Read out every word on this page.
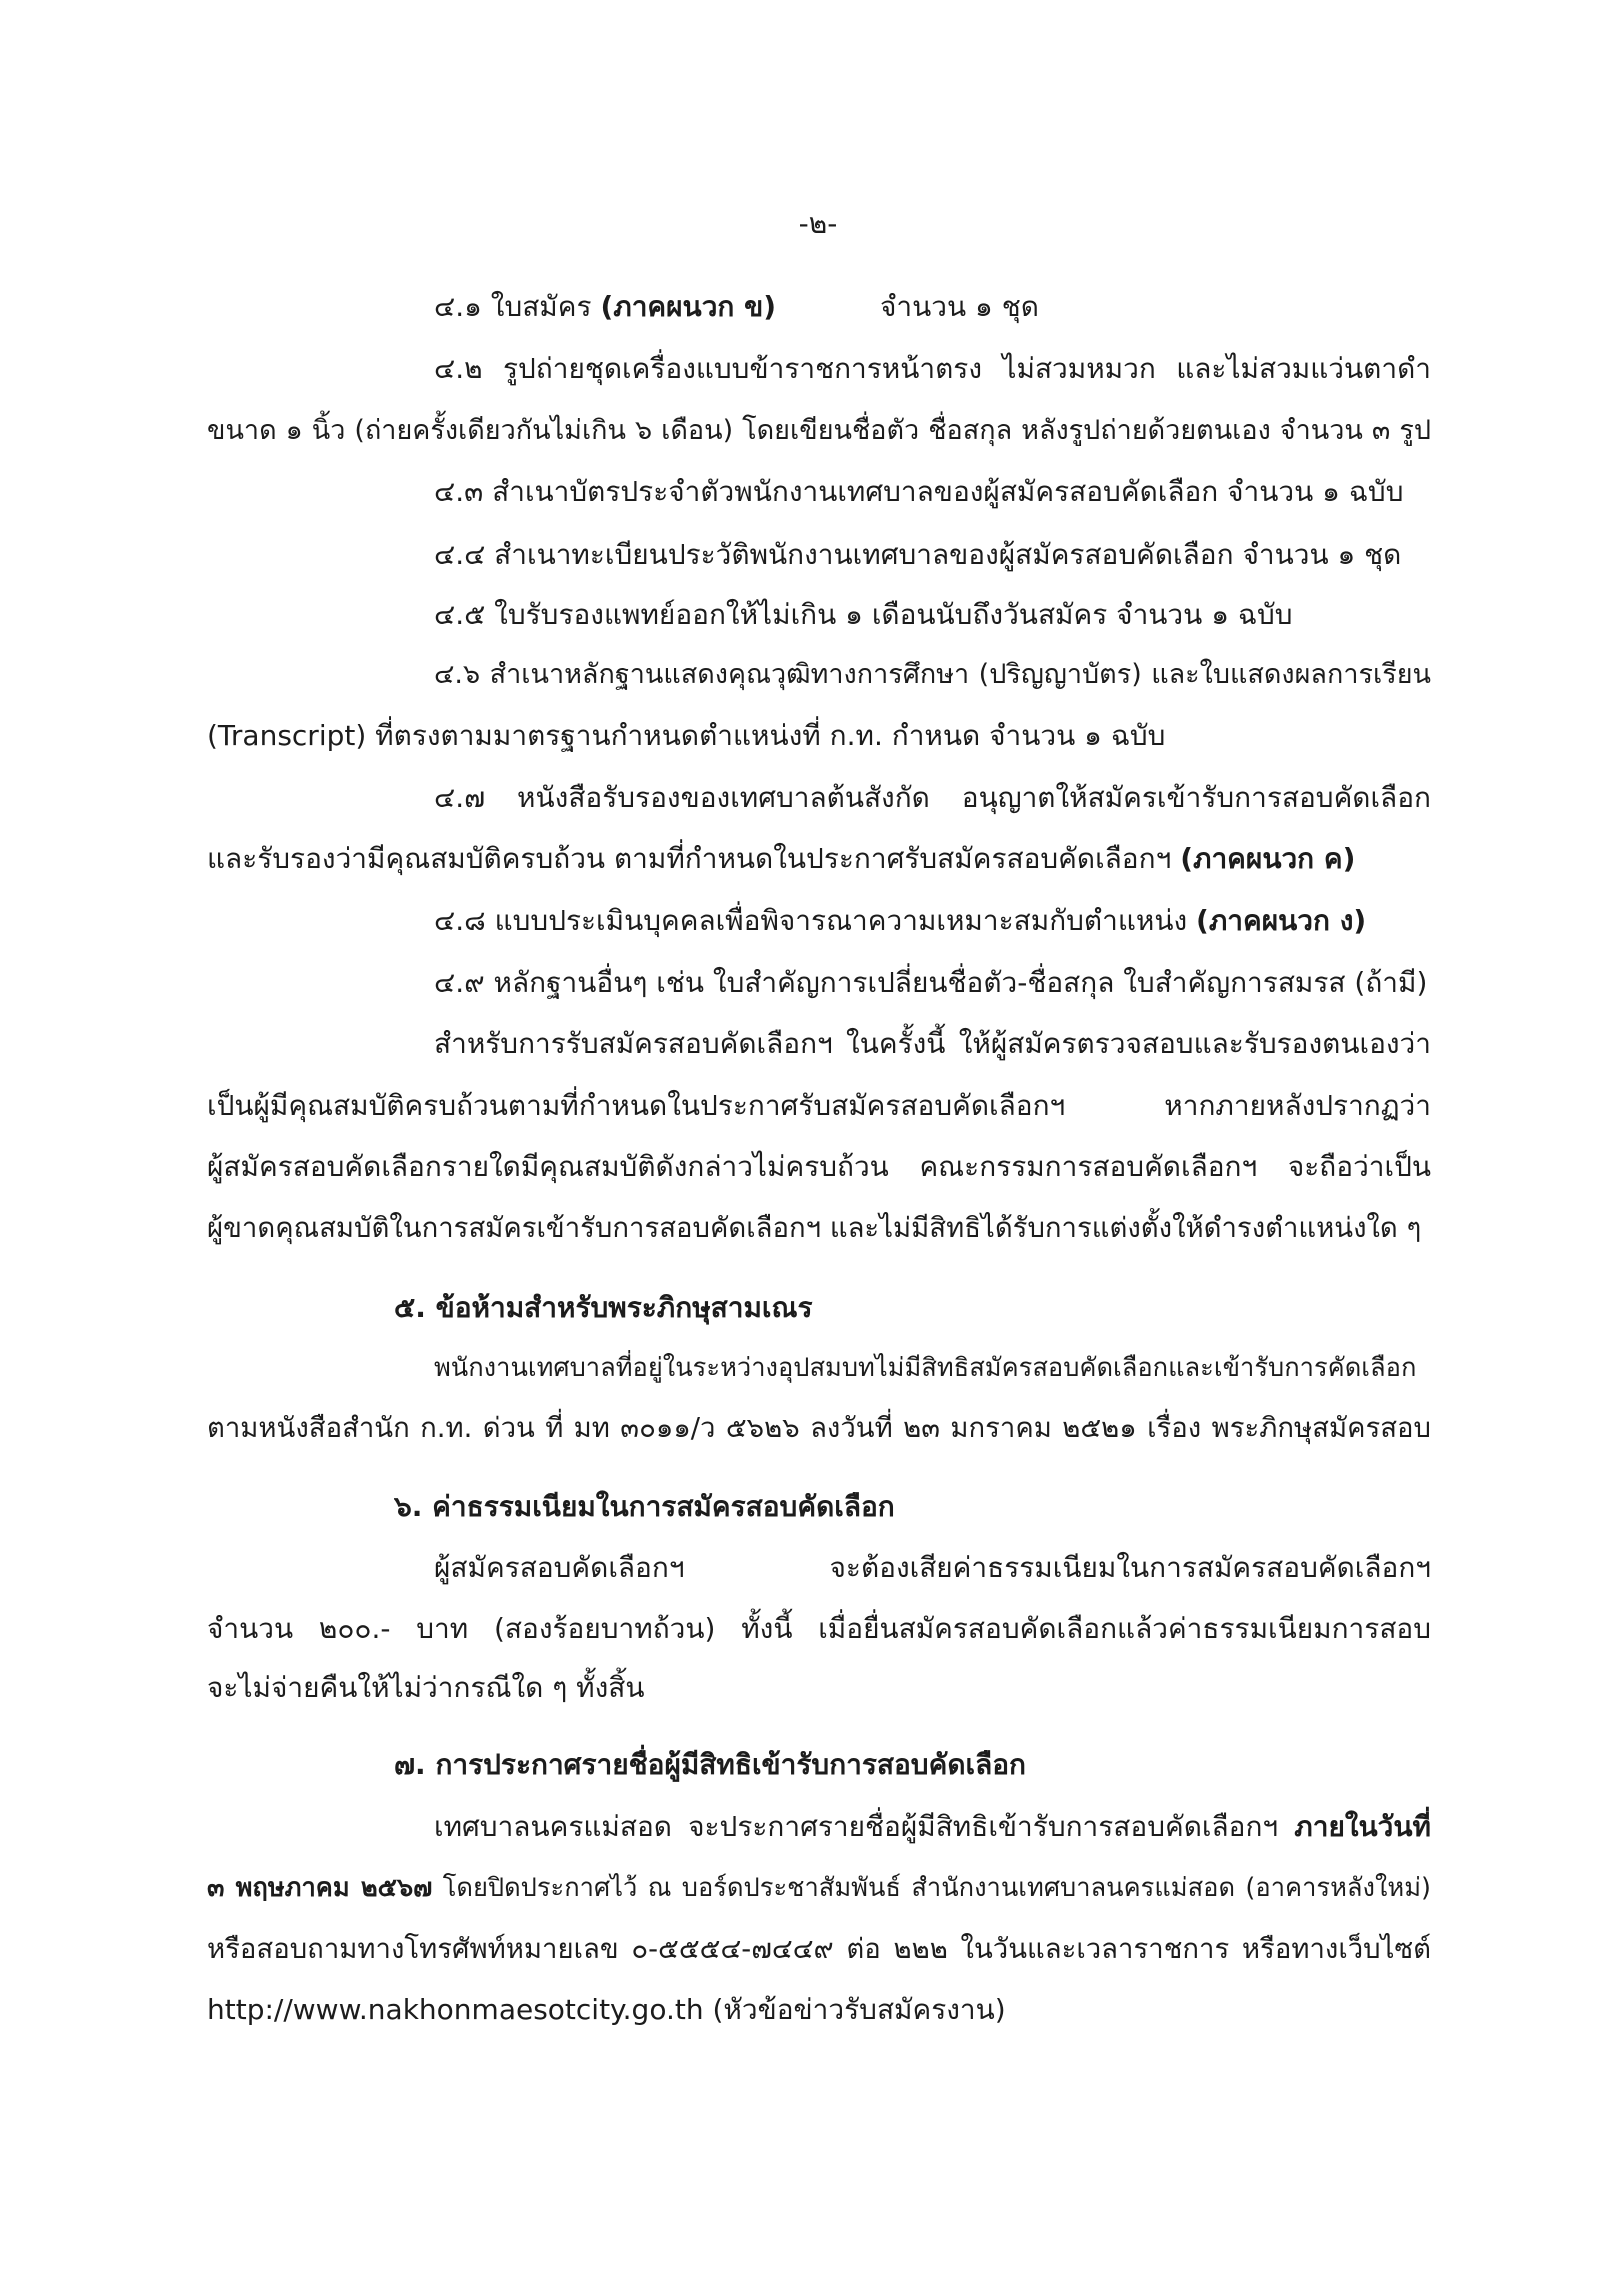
-๒-
๔.๑ ใบสมัคร (ภาคผนวก ข)	จำนวน ๑ ชุด
๔.๒ รูปถ่ายชุดเครื่องแบบข้าราชการหน้าตรง ไม่สวมหมวก และไม่สวมแว่นตาดำ
ขนาด ๑ นิ้ว (ถ่ายครั้งเดียวกันไม่เกิน ๖ เดือน) โดยเขียนชื่อตัว ชื่อสกุล หลังรูปถ่ายด้วยตนเอง จำนวน ๓ รูป
๔.๓ สำเนาบัตรประจำตัวพนักงานเทศบาลของผู้สมัครสอบคัดเลือก จำนวน ๑ ฉบับ
๔.๔ สำเนาทะเบียนประวัติพนักงานเทศบาลของผู้สมัครสอบคัดเลือก จำนวน ๑ ชุด
๔.๕ ใบรับรองแพทย์ออกให้ไม่เกิน ๑ เดือนนับถึงวันสมัคร จำนวน ๑ ฉบับ
๔.๖ สำเนาหลักฐานแสดงคุณวุฒิทางการศึกษา (ปริญญาบัตร) และใบแสดงผลการเรียน
(Transcript) ที่ตรงตามมาตรฐานกำหนดตำแหน่งที่ ก.ท. กำหนด จำนวน ๑ ฉบับ
๔.๗ หนังสือรับรองของเทศบาลต้นสังกัด อนุญาตให้สมัครเข้ารับการสอบคัดเลือก
และรับรองว่ามีคุณสมบัติครบถ้วน ตามที่กำหนดในประกาศรับสมัครสอบคัดเลือกฯ (ภาคผนวก ค)
๔.๘ แบบประเมินบุคคลเพื่อพิจารณาความเหมาะสมกับตำแหน่ง (ภาคผนวก ง)
๔.๙ หลักฐานอื่นๆ เช่น ใบสำคัญการเปลี่ยนชื่อตัว-ชื่อสกุล ใบสำคัญการสมรส (ถ้ามี)
สำหรับการรับสมัครสอบคัดเลือกฯ ในครั้งนี้ ให้ผู้สมัครตรวจสอบและรับรองตนเองว่า
เป็นผู้มีคุณสมบัติครบถ้วนตามที่กำหนดในประกาศรับสมัครสอบคัดเลือกฯ หากภายหลังปรากฏว่า
ผู้สมัครสอบคัดเลือกรายใดมีคุณสมบัติดังกล่าวไม่ครบถ้วน คณะกรรมการสอบคัดเลือกฯ จะถือว่าเป็น
ผู้ขาดคุณสมบัติในการสมัครเข้ารับการสอบคัดเลือกฯ และไม่มีสิทธิได้รับการแต่งตั้งให้ดำรงตำแหน่งใด ๆ
๕. ข้อห้ามสำหรับพระภิกษุสามเณร
พนักงานเทศบาลที่อยู่ในระหว่างอุปสมบทไม่มีสิทธิสมัครสอบคัดเลือกและเข้ารับการคัดเลือก
ตามหนังสือสำนัก ก.ท. ด่วน ที่ มท ๓๐๑๑/ว ๕๖๒๖ ลงวันที่ ๒๓ มกราคม ๒๕๒๑ เรื่อง พระภิกษุสมัครสอบ
๖. ค่าธรรมเนียมในการสมัครสอบคัดเลือก
ผู้สมัครสอบคัดเลือกฯ จะต้องเสียค่าธรรมเนียมในการสมัครสอบคัดเลือกฯ
จำนวน ๒๐๐.- บาท (สองร้อยบาทถ้วน) ทั้งนี้ เมื่อยื่นสมัครสอบคัดเลือกแล้วค่าธรรมเนียมการสอบ
จะไม่จ่ายคืนให้ไม่ว่ากรณีใด ๆ ทั้งสิ้น
๗. การประกาศรายชื่อผู้มีสิทธิเข้ารับการสอบคัดเลือก
เทศบาลนครแม่สอด จะประกาศรายชื่อผู้มีสิทธิเข้ารับการสอบคัดเลือกฯ ภายในวันที่
๓ พฤษภาคม ๒๕๖๗ โดยปิดประกาศไว้ ณ บอร์ดประชาสัมพันธ์ สำนักงานเทศบาลนครแม่สอด (อาคารหลังใหม่)
หรือสอบถามทางโทรศัพท์หมายเลข ๐-๕๕๕๔-๗๔๔๙ ต่อ ๒๒๒ ในวันและเวลาราชการ หรือทางเว็บไซต์
http://www.nakhonmaesotcity.go.th (หัวข้อข่าวรับสมัครงาน)
